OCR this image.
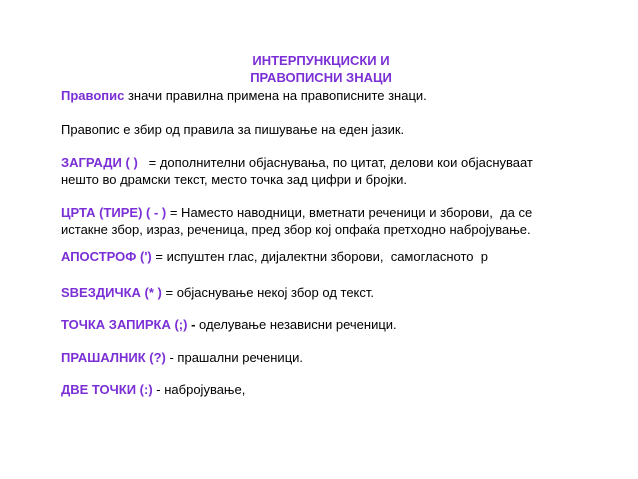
ИНТЕРПУНКЦИСКИ И
ПРАВОПИСНИ ЗНАЦИ
Правопис значи правилна примена на правописните знаци.
Правопис е збир од правила за пишување на еден јазик.
ЗАГРАДИ ( )   = дополнителни објаснувања, по цитат, делови кои објаснуваат
нешто во драмски текст, место точка зад цифри и броjки.
ЦРТА (ТИРЕ) ( - ) = Наместо наводници, вметнати реченици и зборови,  да се
истакне збор, израз, реченица, пред збор кој опфаќа претходно набројување.
АПОСТРОФ (') = испуштен глас, дијалектни зборови,  самогласното  р
SВЕЗДИЧКА (* ) = објаснување некој збор од текст.
ТОЧКА ЗАПИРКА (;) - оделување независни реченици.
ПРАШАЛНИК (?) - прашални реченици.
ДВЕ ТОЧКИ (:) - набројување,
